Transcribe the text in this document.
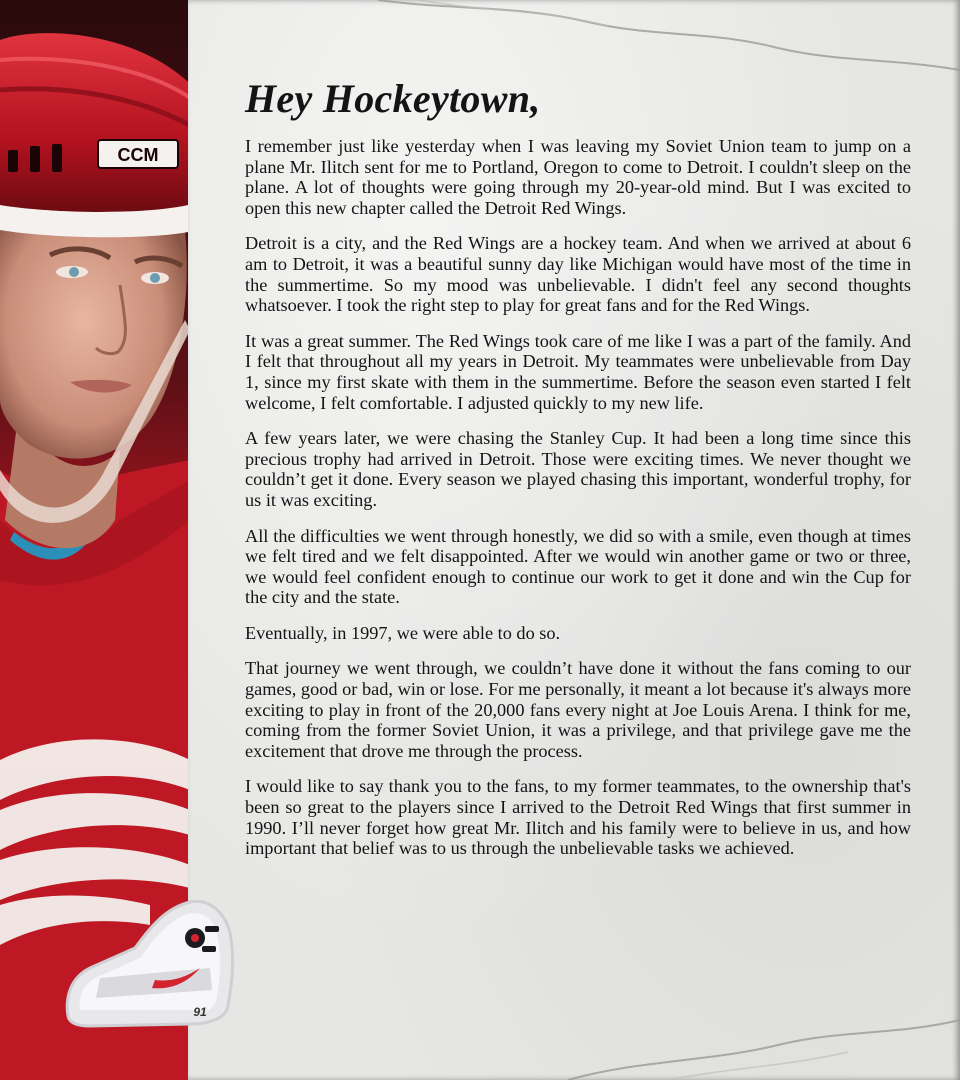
CCM
Hey Hockeytown,

I remember just like yesterday when I was leaving my Soviet Union team to jump on a plane Mr. Ilitch sent for me to Portland, Oregon to come to Detroit. I couldn't sleep on the plane. A lot of thoughts were going through my 20-year-old mind. But I was excited to open this new chapter called the Detroit Red Wings.

Detroit is a city, and the Red Wings are a hockey team. And when we arrived at about 6 am to Detroit, it was a beautiful sunny day like Michigan would have most of the time in the summertime. So my mood was unbelievable. I didn't feel any second thoughts whatsoever. I took the right step to play for great fans and for the Red Wings.

It was a great summer. The Red Wings took care of me like I was a part of the family. And I felt that throughout all my years in Detroit. My teammates were unbelievable from Day 1, since my first skate with them in the summertime. Before the season even started I felt welcome, I felt comfortable. I adjusted quickly to my new life.

A few years later, we were chasing the Stanley Cup. It had been a long time since this precious trophy had arrived in Detroit. Those were exciting times. We never thought we couldn’t get it done. Every season we played chasing this important, wonderful trophy, for us it was exciting.

All the difficulties we went through honestly, we did so with a smile, even though at times we felt tired and we felt disappointed. After we would win another game or two or three, we would feel confident enough to continue our work to get it done and win the Cup for the city and the state.

Eventually, in 1997, we were able to do so.

That journey we went through, we couldn’t have done it without the fans coming to our games, good or bad, win or lose. For me personally, it meant a lot because it's always more exciting to play in front of the 20,000 fans every night at Joe Louis Arena. I think for me, coming from the former Soviet Union, it was a privilege, and that privilege gave me the excitement that drove me through the process.

I would like to say thank you to the fans, to my former teammates, to the ownership that's been so great to the players since I arrived to the Detroit Red Wings that first summer in 1990. I’ll never forget how great Mr. Ilitch and his family were to believe in us, and how important that belief was to us through the unbelievable tasks we achieved.

91
